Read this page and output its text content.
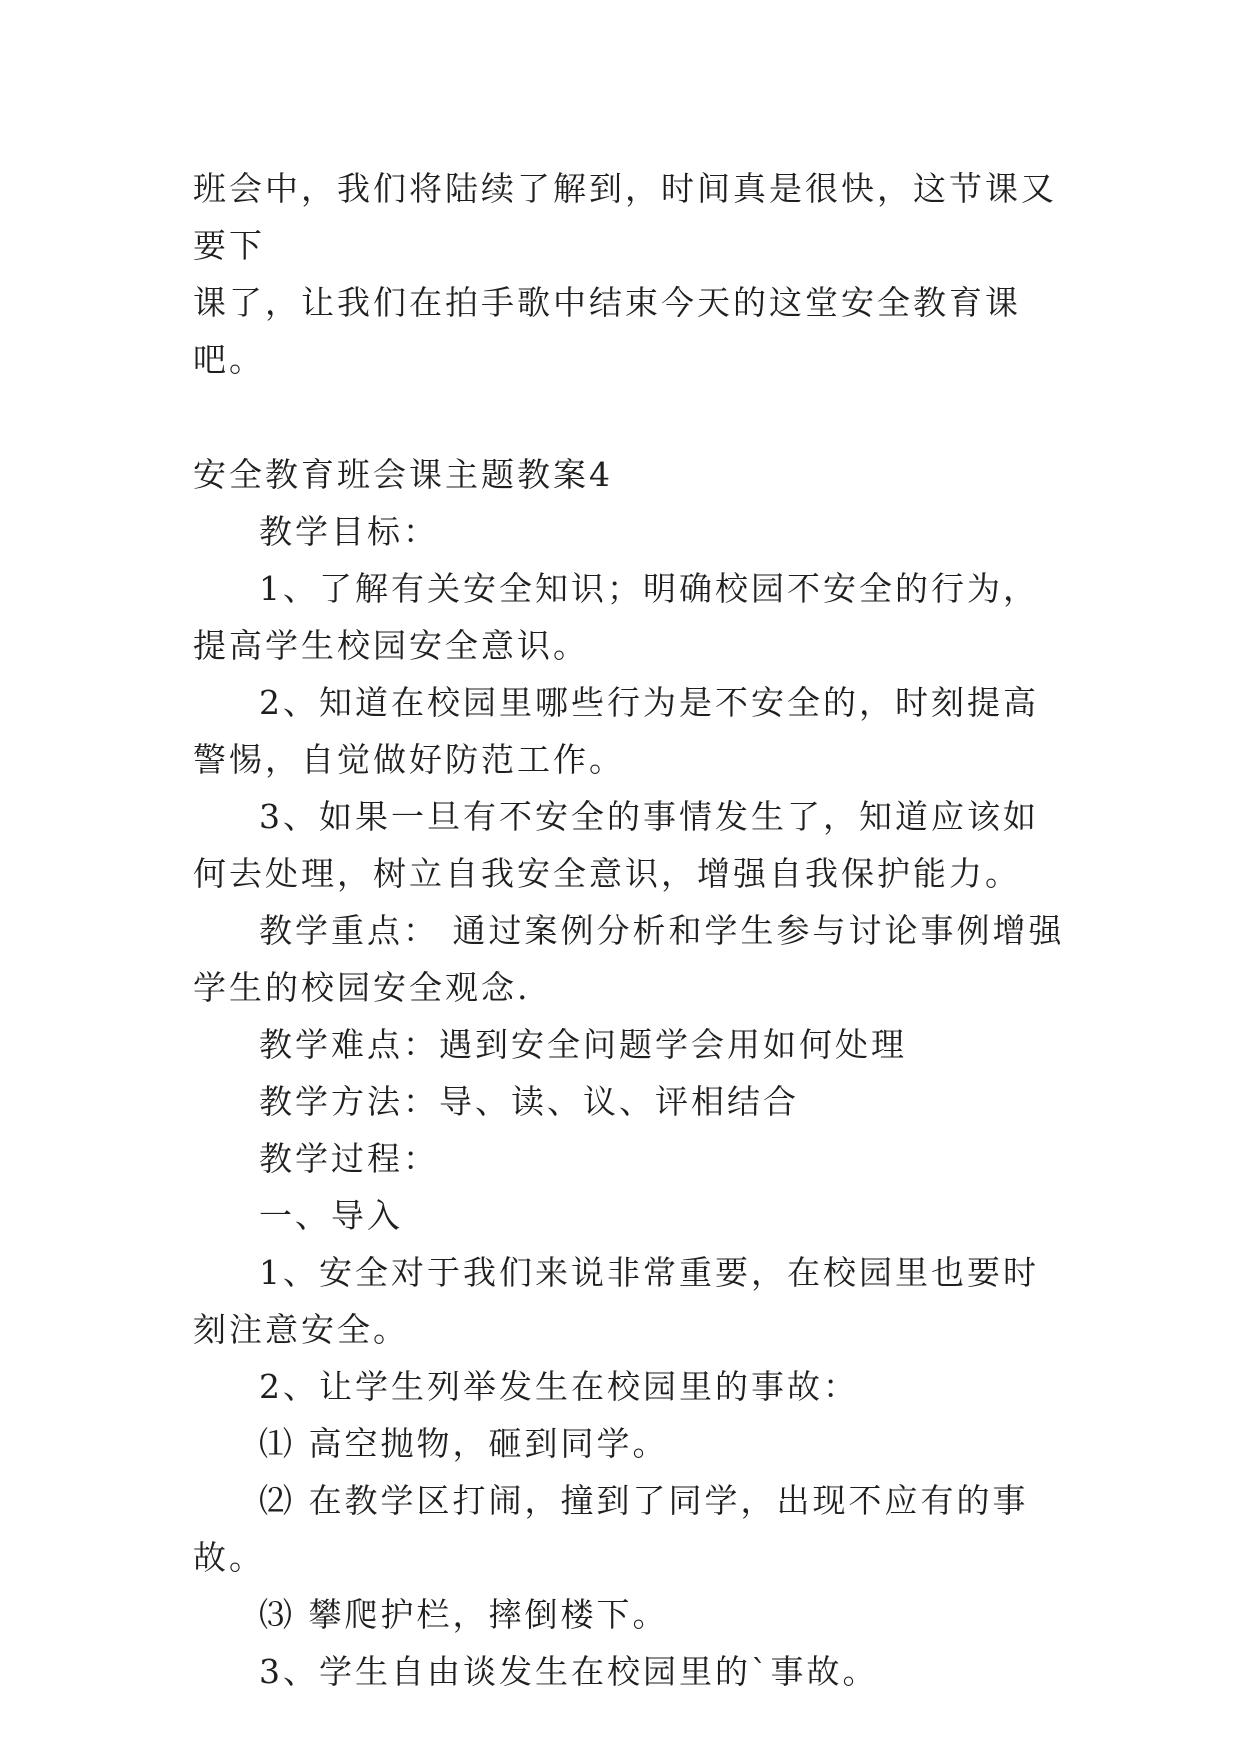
班会中，我们将陆续了解到，时间真是很快，这节课又要下
课了，让我们在拍手歌中结束今天的这堂安全教育课吧。

安全教育班会课主题教案4

教学目标：

1、了解有关安全知识；明确校园不安全的行为，提高学生校园安全意识。

2、知道在校园里哪些行为是不安全的，时刻提高警惕，自觉做好防范工作。

3、如果一旦有不安全的事情发生了，知道应该如何去处理，树立自我安全意识，增强自我保护能力。

教学重点： 通过案例分析和学生参与讨论事例增强学生的校园安全观念.

教学难点：遇到安全问题学会用如何处理

教学方法：导、读、议、评相结合

教学过程：

一、导入

1、安全对于我们来说非常重要，在校园里也要时刻注意安全。

2、让学生列举发生在校园里的事故：

⑴ 高空抛物，砸到同学。

⑵ 在教学区打闹，撞到了同学，出现不应有的事故。

⑶ 攀爬护栏，摔倒楼下。

3、学生自由谈发生在校园里的`事故。
